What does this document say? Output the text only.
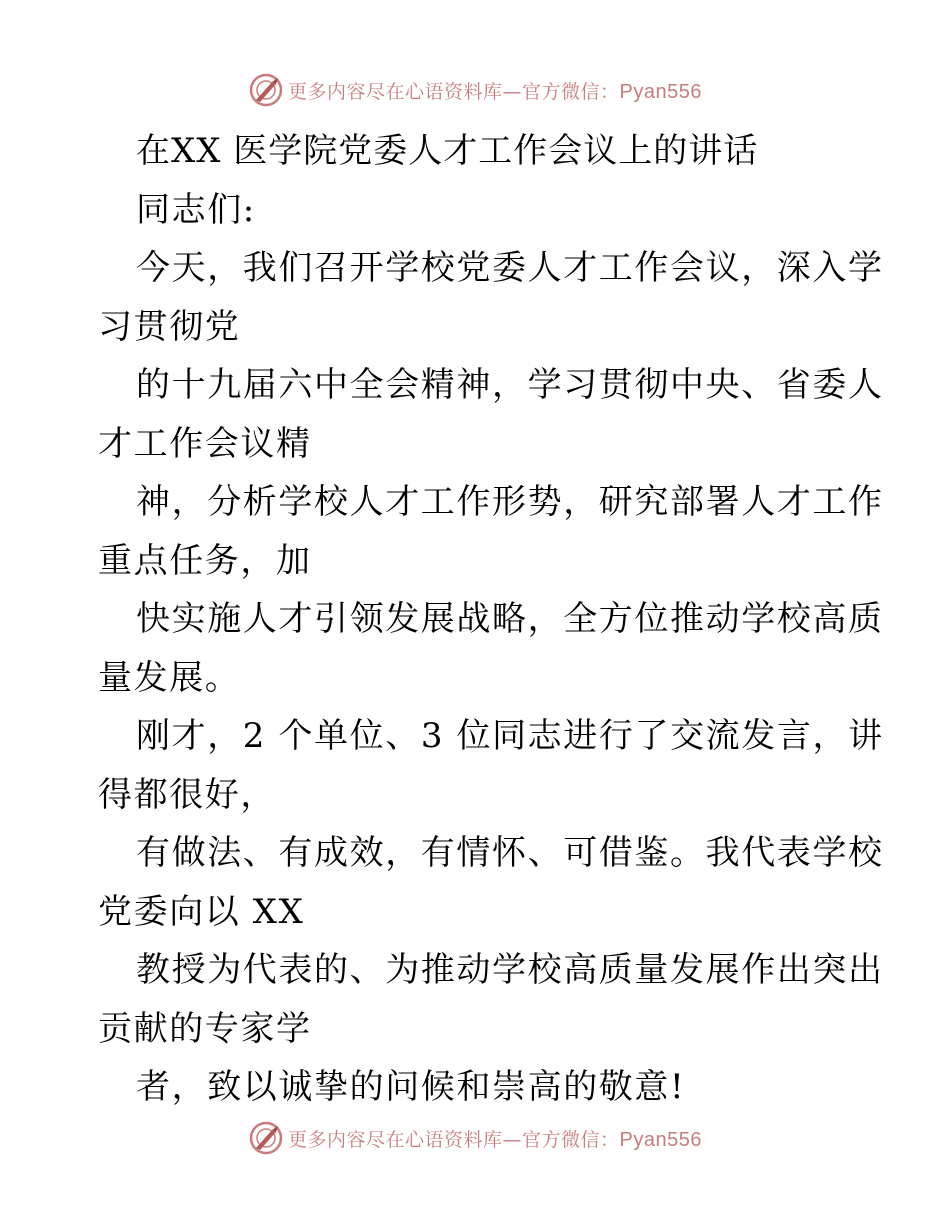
更多内容尽在心语资料库—官方微信：Pyan556
在XX 医学院党委人才工作会议上的讲话
同志们:
今天，我们召开学校党委人才工作会议，深入学
习贯彻党
的十九届六中全会精神，学习贯彻中央、省委人
才工作会议精
神，分析学校人才工作形势，研究部署人才工作
重点任务，加
快实施人才引领发展战略，全方位推动学校高质
量发展。
刚才，2 个单位、3 位同志进行了交流发言，讲
得都很好，
有做法、有成效，有情怀、可借鉴。我代表学校
党委向以 XX
教授为代表的、为推动学校高质量发展作出突出
贡献的专家学
者，致以诚挚的问候和崇高的敬意!
更多内容尽在心语资料库—官方微信：Pyan556
